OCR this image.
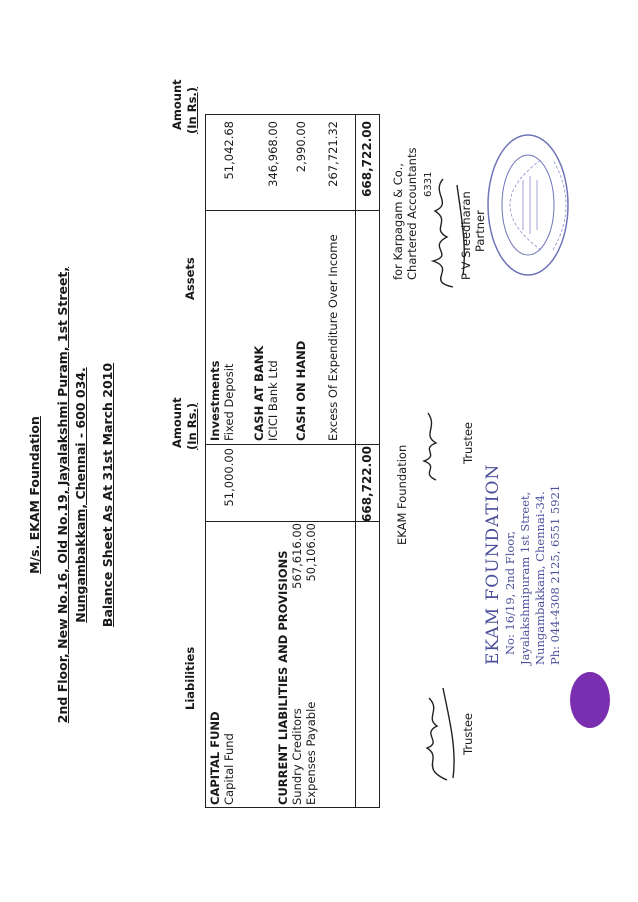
M/s. EKAM Foundation 2nd Floor, New No.16, Old No.19, Jayalakshmi Puram, 1st Street, Nungambakkam, Chennai - 600 034. Balance Sheet As At 31st March 2010
Liabilities
Amount (In Rs.)
Assets
Amount (In Rs.)
CAPITAL FUND Capital Fund
51,000.00
CURRENT LIABILITIES AND PROVISIONS Sundry Creditors
567,616.00
Expenses Payable
50,106.00
668,722.00
Investments Fixed Deposit
51,042.68
CASH AT BANK ICICI Bank Ltd
346,968.00
CASH ON HAND
2,990.00
Excess Of Expenditure Over Income
267,721.32 668,722.00
EKAM Foundation
for Karpagam & Co., Chartered Accountants
Trustee
Trustee
6331
P V Sreedharan Partner
EKAM FOUNDATION No: 16/19, 2nd Floor, Jayalakshmipuram 1st Street, Nungambakkam, Chennai-34. Ph: 044-4308 2125, 6551 5921
